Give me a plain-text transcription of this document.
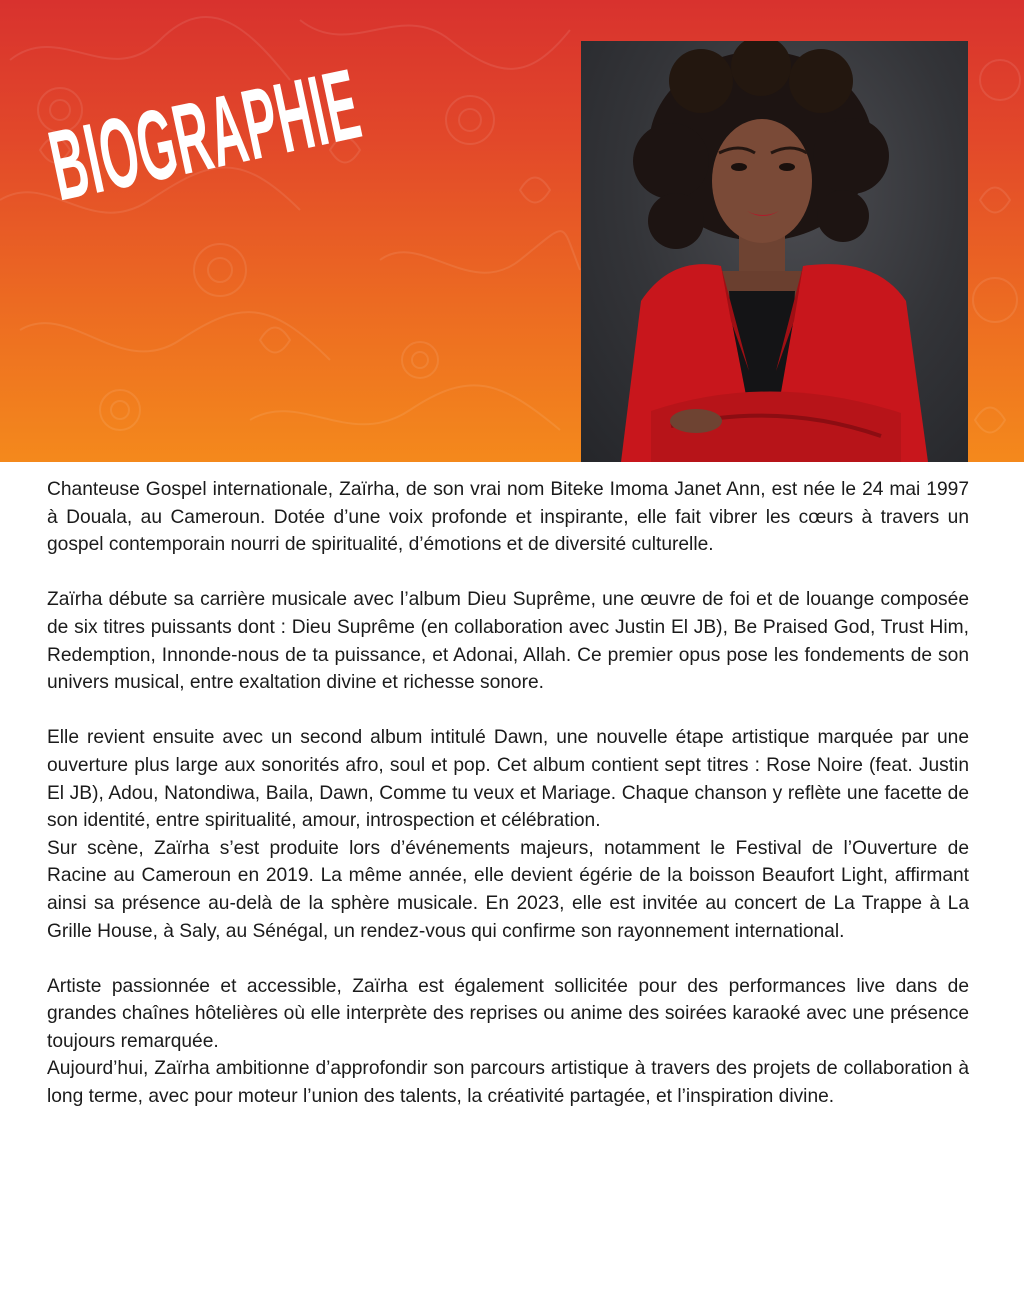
BIOGRAPHIE

Chanteuse Gospel internationale, Zaïrha, de son vrai nom Biteke Imoma Janet Ann, est née le 24 mai 1997 à Douala, au Cameroun. Dotée d’une voix profonde et inspirante, elle fait vibrer les cœurs à travers un gospel contemporain nourri de spiritualité, d’émotions et de diversité culturelle.

Zaïrha débute sa carrière musicale avec l’album Dieu Suprême, une œuvre de foi et de louange composée de six titres puissants dont : Dieu Suprême (en collaboration avec Justin El JB), Be Praised God, Trust Him, Redemption, Innonde-nous de ta puissance, et Adonai, Allah. Ce premier opus pose les fondements de son univers musical, entre exaltation divine et richesse sonore.

Elle revient ensuite avec un second album intitulé Dawn, une nouvelle étape artistique marquée par une ouverture plus large aux sonorités afro, soul et pop. Cet album contient sept titres : Rose Noire (feat. Justin El JB), Adou, Natondiwa, Baila, Dawn, Comme tu veux et Mariage. Chaque chanson y reflète une facette de son identité, entre spiritualité, amour, introspection et célébration.

Sur scène, Zaïrha s’est produite lors d’événements majeurs, notamment le Festival de l’Ouverture de Racine au Cameroun en 2019. La même année, elle devient égérie de la boisson Beaufort Light, affirmant ainsi sa présence au-delà de la sphère musicale. En 2023, elle est invitée au concert de La Trappe à La Grille House, à Saly, au Sénégal, un rendez-vous qui confirme son rayonnement international.

Artiste passionnée et accessible, Zaïrha est également sollicitée pour des performances live dans de grandes chaînes hôtelières où elle interprète des reprises ou anime des soirées karaoké avec une présence toujours remarquée.

Aujourd’hui, Zaïrha ambitionne d’approfondir son parcours artistique à travers des projets de collaboration à long terme, avec pour moteur l’union des talents, la créativité partagée, et l’inspiration divine.
